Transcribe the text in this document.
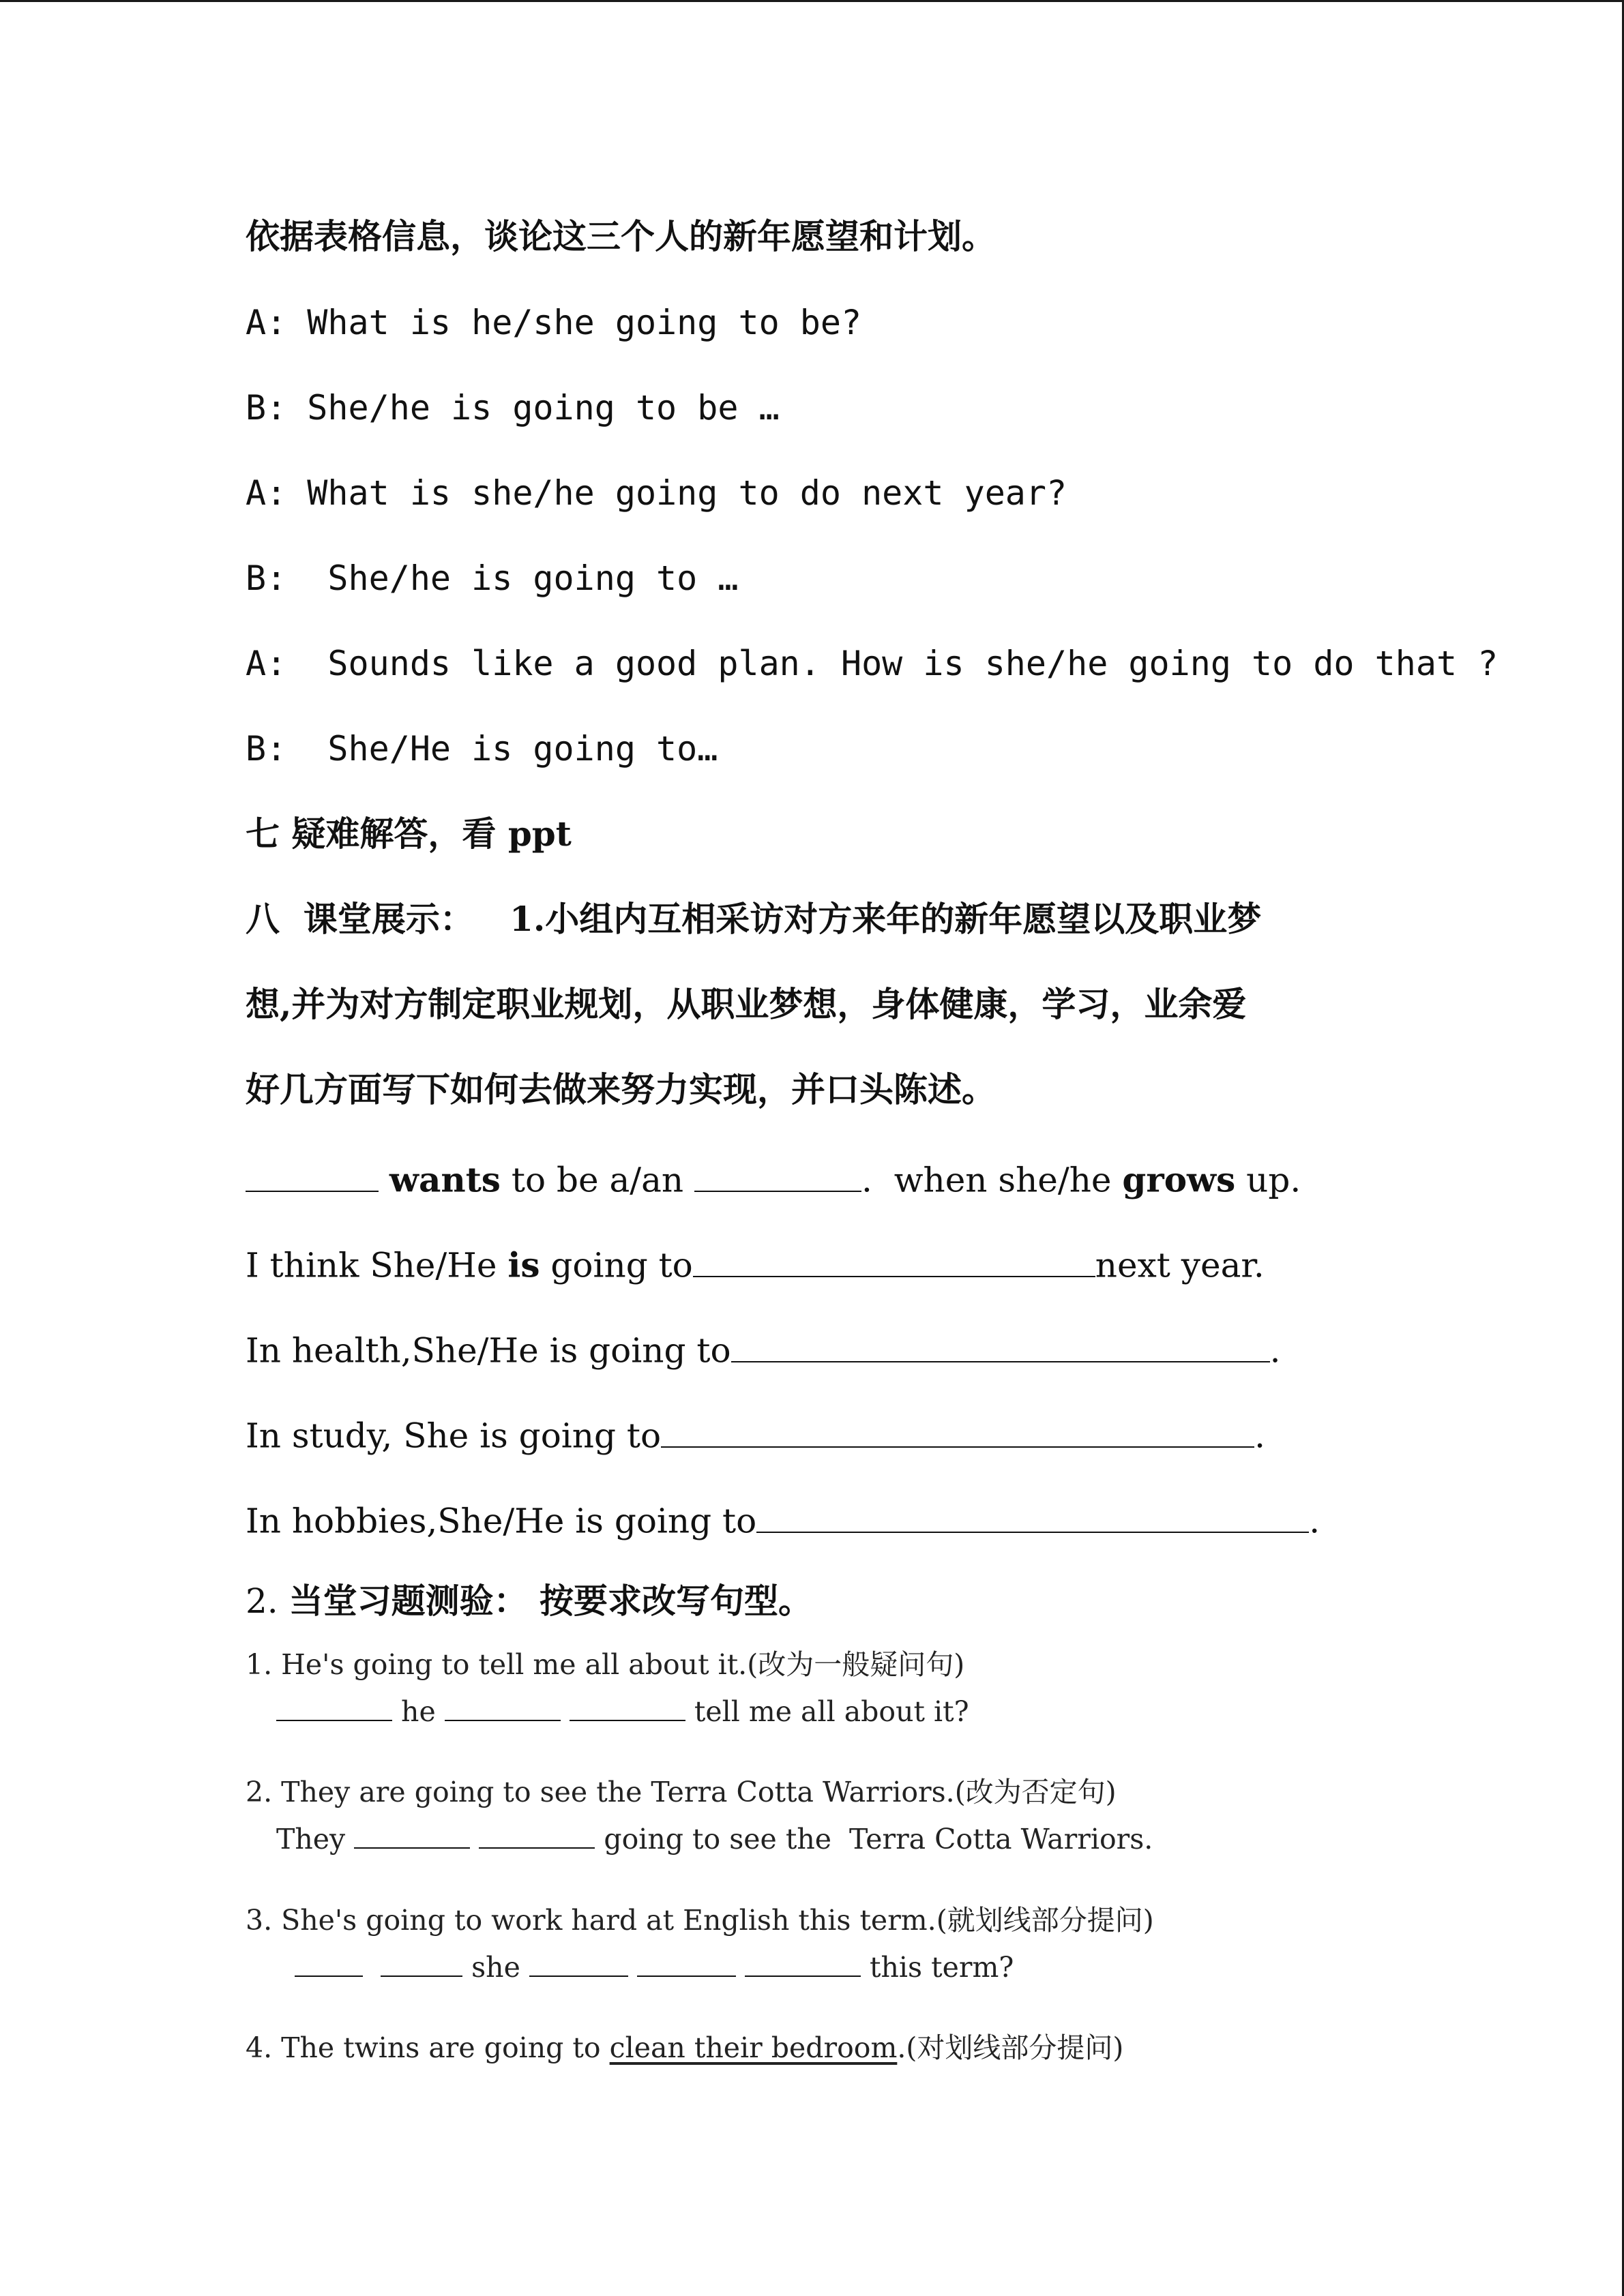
依据表格信息，谈论这三个人的新年愿望和计划。
A: What is he/she going to be?
B: She/he is going to be …
A: What is she/he going to do next year?
B:  She/he is going to …
A:  Sounds like a good plan. How is she/he going to do that ?
B:  She/He is going to…
七 疑难解答，看 ppt
八 课堂展示： 1.小组内互相采访对方来年的新年愿望以及职业梦
想,并为对方制定职业规划，从职业梦想，身体健康，学习，业余爱
好几方面写下如何去做来努力实现，并口头陈述。
wants to be a/an	. when she/he grows up.
I think She/He is going to	next year.
In health,She/He is going to	.
In study, She is going to	.
In hobbies,She/He is going to	.
2. 当堂习题测验： 按要求改写句型。
1. He's going to tell me all about it.(改为一般疑问句)
he	tell me all about it?
2. They are going to see the Terra Cotta Warriors.(改为否定句)
They	going to see the  Terra Cotta Warriors.
3. She's going to work hard at English this term.(就划线部分提问)
she	this term?
4. The twins are going to clean their bedroom.(对划线部分提问)
